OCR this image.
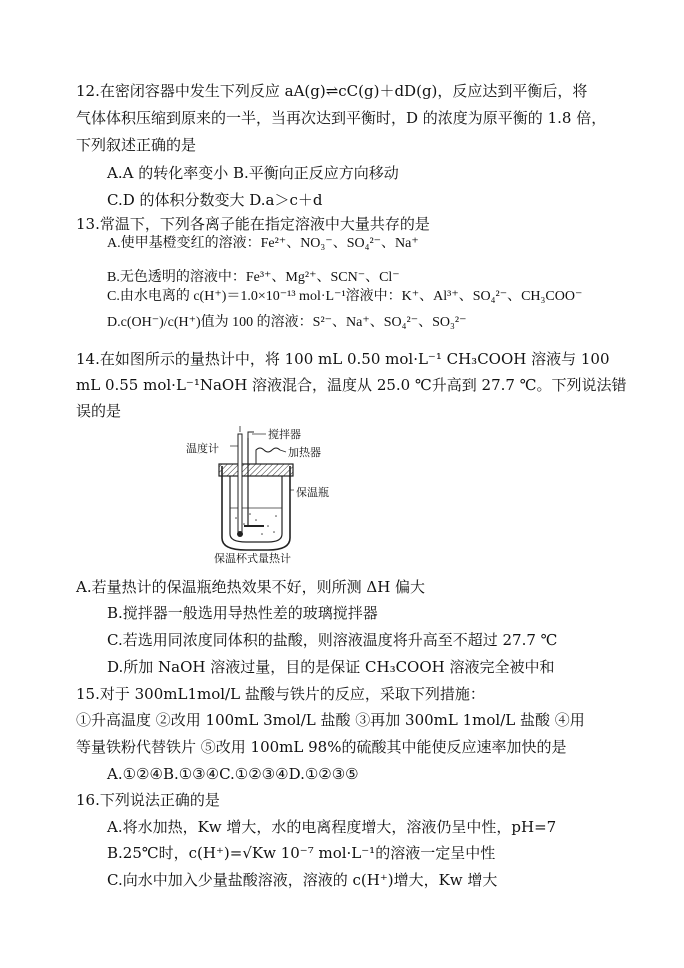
12.在密闭容器中发生下列反应 aA(g)⇌cC(g)＋dD(g)，反应达到平衡后，将
气体体积压缩到原来的一半，当再次达到平衡时，D 的浓度为原平衡的 1.8 倍，
下列叙述正确的是
A.A 的转化率变小 B.平衡向正反应方向移动
C.D 的体积分数变大 D.a＞c＋d
13.常温下，下列各离子能在指定溶液中大量共存的是
A.使甲基橙变红的溶液：Fe²⁺、NO₃⁻、SO₄²⁻、Na⁺
B.无色透明的溶液中：Fe³⁺、Mg²⁺、SCN⁻、Cl⁻
C.由水电离的 c(H⁺)＝1.0×10⁻¹³ mol·L⁻¹溶液中：K⁺、Al³⁺、SO₄²⁻、CH₃COO⁻
D.c(OH⁻)/c(H⁺)值为 100 的溶液：S²⁻、Na⁺、SO₄²⁻、SO₃²⁻
14.在如图所示的量热计中，将 100 mL 0.50 mol·L⁻¹ CH₃COOH 溶液与 100
mL 0.55 mol·L⁻¹NaOH 溶液混合，温度从 25.0 ℃升高到 27.7 ℃。下列说法错
误的是
温度计
搅拌器
加热器
保温瓶
保温杯式量热计
A.若量热计的保温瓶绝热效果不好，则所测 ΔH 偏大
B.搅拌器一般选用导热性差的玻璃搅拌器
C.若选用同浓度同体积的盐酸，则溶液温度将升高至不超过 27.7 ℃
D.所加 NaOH 溶液过量，目的是保证 CH₃COOH 溶液完全被中和
15.对于 300mL1mol/L 盐酸与铁片的反应，采取下列措施：
①升高温度 ②改用 100mL 3mol/L 盐酸 ③再加 300mL 1mol/L 盐酸 ④用
等量铁粉代替铁片 ⑤改用 100mL 98%的硫酸其中能使反应速率加快的是
A.①②④B.①③④C.①②③④D.①②③⑤
16.下列说法正确的是
A.将水加热，Kw 增大，水的电离程度增大，溶液仍呈中性，pH=7
B.25℃时，c(H⁺)=√Kw 10⁻⁷ mol·L⁻¹的溶液一定呈中性
C.向水中加入少量盐酸溶液，溶液的 c(H⁺)增大，Kw 增大
